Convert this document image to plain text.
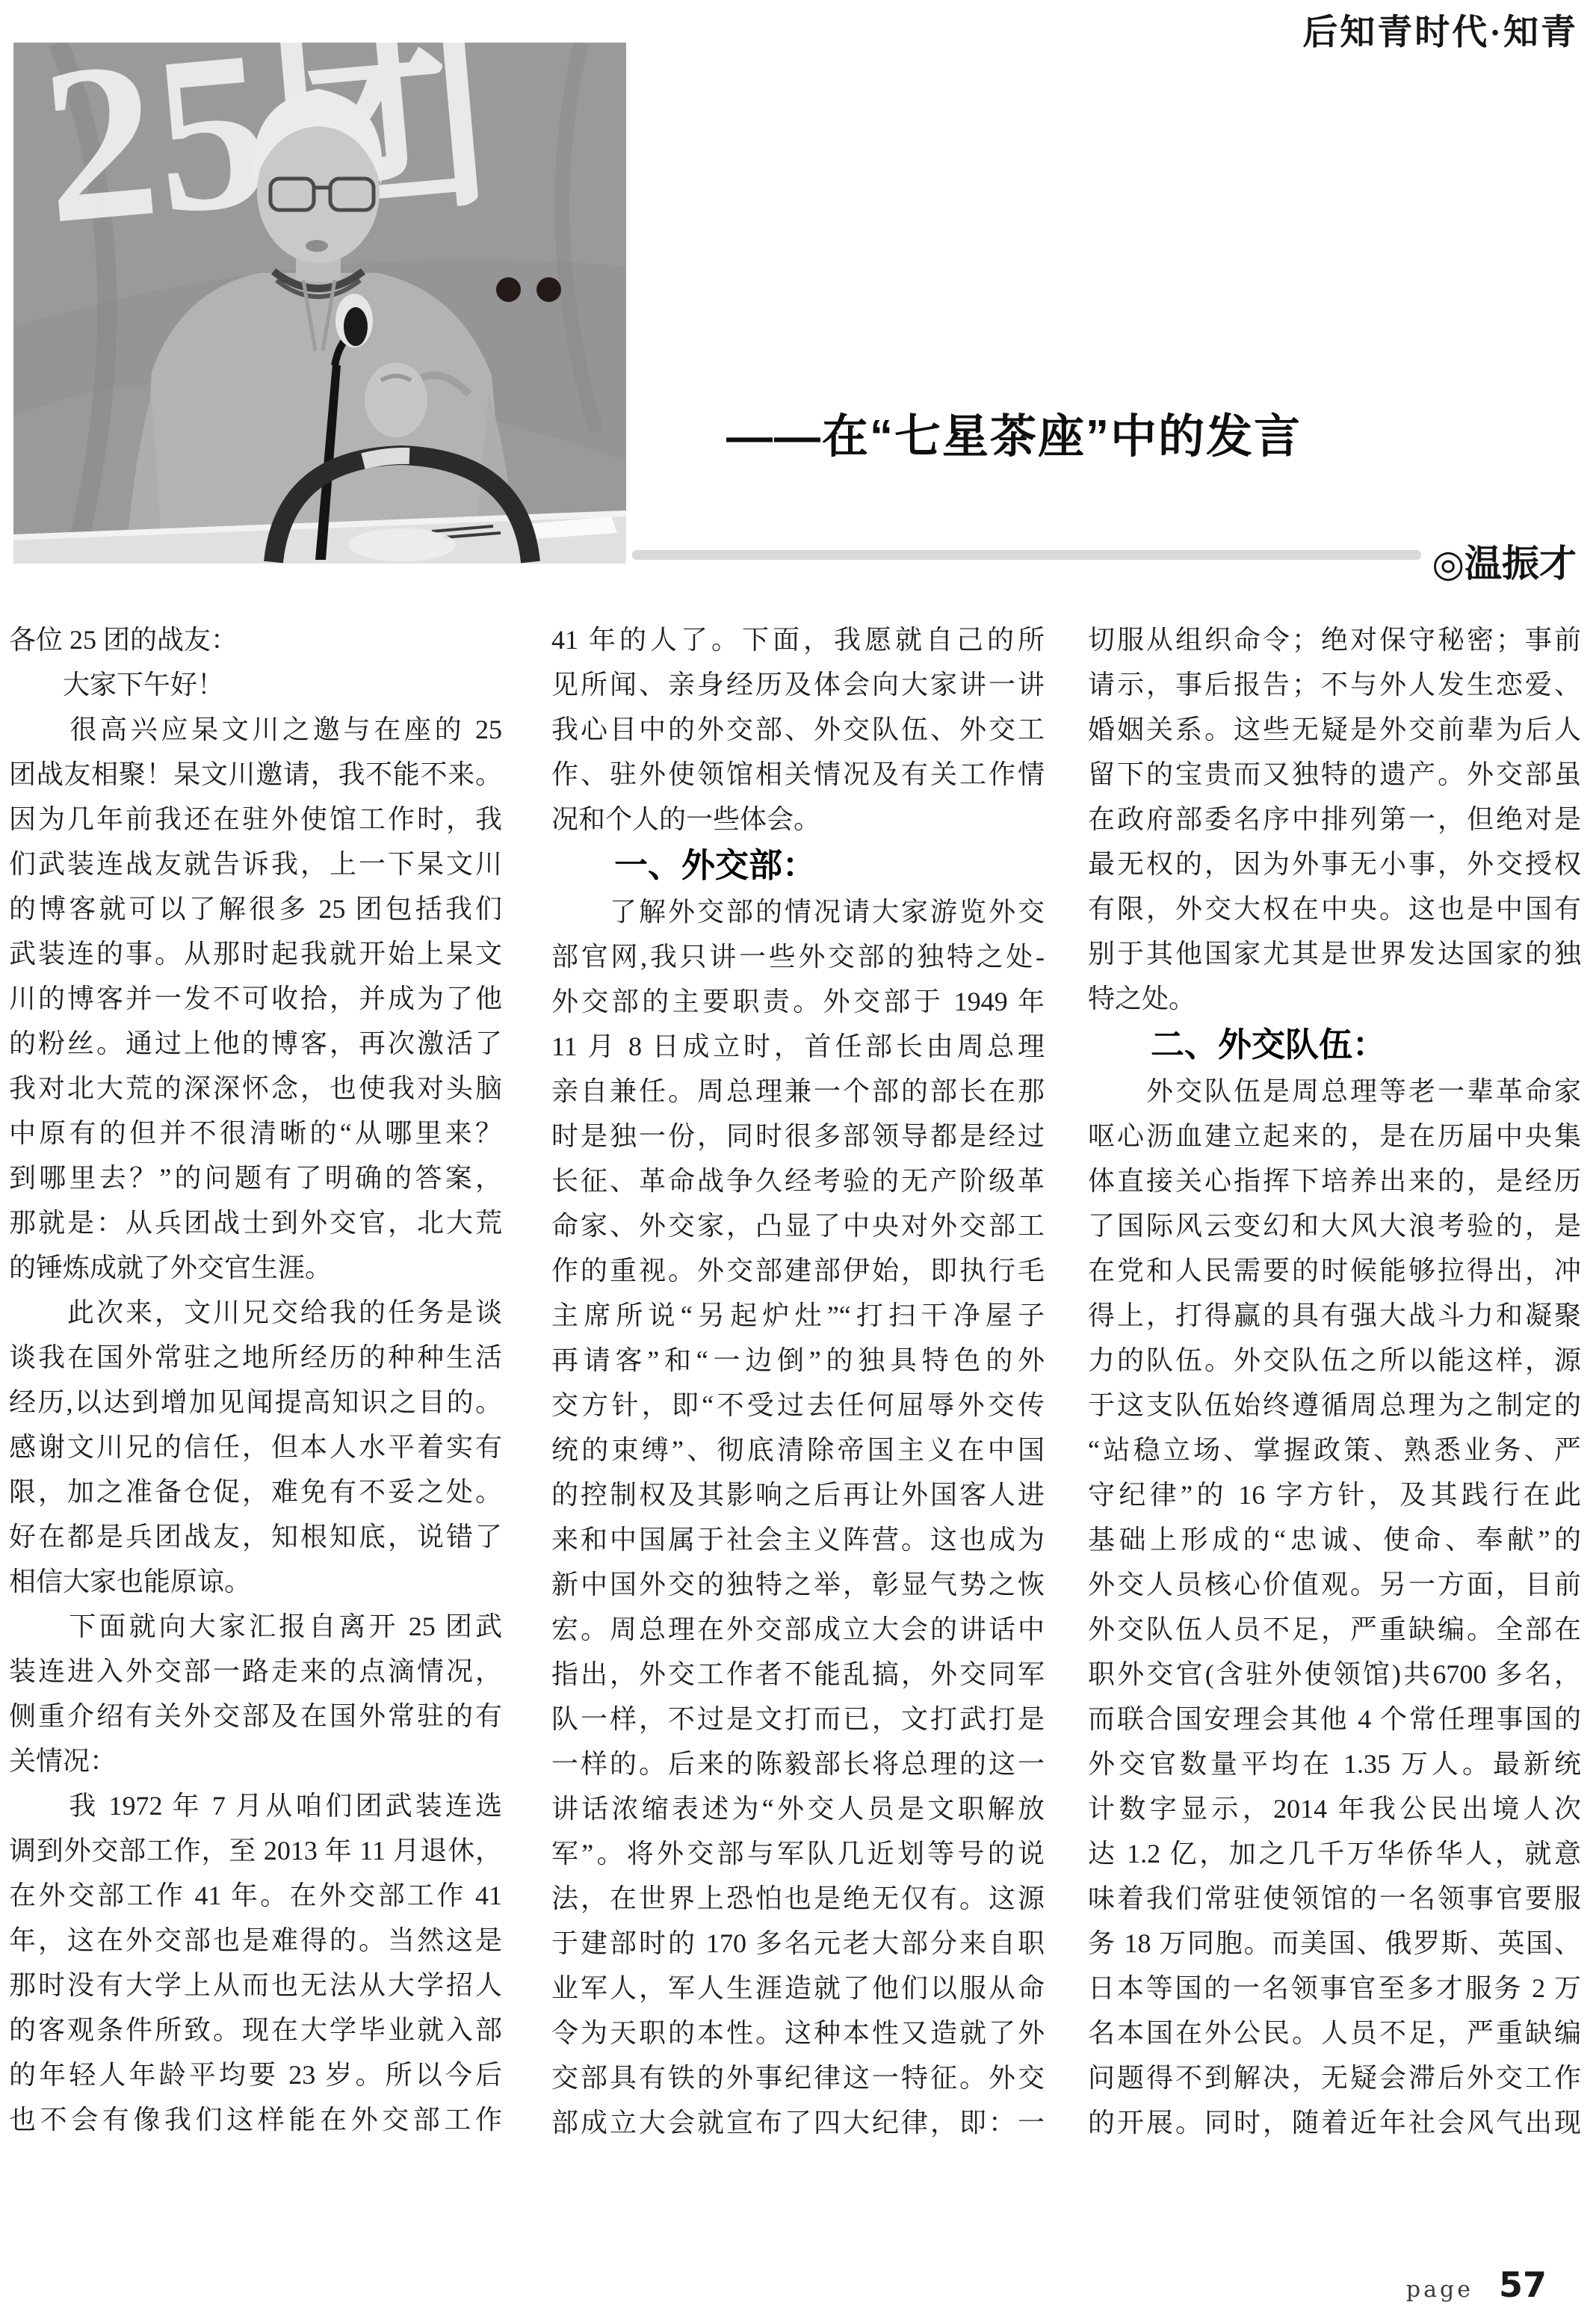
后知青时代·知青
——在“七星茶座”中的发言
◎温振才
各位 25 团的战友：
　　大家下午好！
　　很高兴应杲文川之邀与在座的 25
团战友相聚！杲文川邀请，我不能不来。
因为几年前我还在驻外使馆工作时，我
们武装连战友就告诉我，上一下杲文川
的博客就可以了解很多 25 团包括我们
武装连的事。从那时起我就开始上杲文
川的博客并一发不可收拾，并成为了他
的粉丝。通过上他的博客，再次激活了
我对北大荒的深深怀念，也使我对头脑
中原有的但并不很清晰的“从哪里来？
到哪里去？”的问题有了明确的答案，
那就是：从兵团战士到外交官，北大荒
的锤炼成就了外交官生涯。
　　此次来，文川兄交给我的任务是谈
谈我在国外常驻之地所经历的种种生活
经历,以达到增加见闻提高知识之目的。
感谢文川兄的信任，但本人水平着实有
限，加之准备仓促，难免有不妥之处。
好在都是兵团战友，知根知底，说错了
相信大家也能原谅。
　　下面就向大家汇报自离开 25 团武
装连进入外交部一路走来的点滴情况，
侧重介绍有关外交部及在国外常驻的有
关情况：
　　我 1972 年 7 月从咱们团武装连选
调到外交部工作，至 2013 年 11 月退休，
在外交部工作 41 年。在外交部工作 41
年，这在外交部也是难得的。当然这是
那时没有大学上从而也无法从大学招人
的客观条件所致。现在大学毕业就入部
的年轻人年龄平均要 23 岁。所以今后
也不会有像我们这样能在外交部工作
41 年的人了。下面，我愿就自己的所
见所闻、亲身经历及体会向大家讲一讲
我心目中的外交部、外交队伍、外交工
作、驻外使领馆相关情况及有关工作情
况和个人的一些体会。
一、外交部：
　　了解外交部的情况请大家游览外交
部官网,我只讲一些外交部的独特之处-
外交部的主要职责。外交部于 1949 年
11 月 8 日成立时，首任部长由周总理
亲自兼任。周总理兼一个部的部长在那
时是独一份，同时很多部领导都是经过
长征、革命战争久经考验的无产阶级革
命家、外交家，凸显了中央对外交部工
作的重视。外交部建部伊始，即执行毛
主席所说“另起炉灶”“打扫干净屋子
再请客”和“一边倒”的独具特色的外
交方针，即“不受过去任何屈辱外交传
统的束缚”、彻底清除帝国主义在中国
的控制权及其影响之后再让外国客人进
来和中国属于社会主义阵营。这也成为
新中国外交的独特之举，彰显气势之恢
宏。周总理在外交部成立大会的讲话中
指出，外交工作者不能乱搞，外交同军
队一样，不过是文打而已，文打武打是
一样的。后来的陈毅部长将总理的这一
讲话浓缩表述为“外交人员是文职解放
军”。将外交部与军队几近划等号的说
法，在世界上恐怕也是绝无仅有。这源
于建部时的 170 多名元老大部分来自职
业军人，军人生涯造就了他们以服从命
令为天职的本性。这种本性又造就了外
交部具有铁的外事纪律这一特征。外交
部成立大会就宣布了四大纪律，即：一
切服从组织命令；绝对保守秘密；事前
请示，事后报告；不与外人发生恋爱、
婚姻关系。这些无疑是外交前辈为后人
留下的宝贵而又独特的遗产。外交部虽
在政府部委名序中排列第一，但绝对是
最无权的，因为外事无小事，外交授权
有限，外交大权在中央。这也是中国有
别于其他国家尤其是世界发达国家的独
特之处。
二、外交队伍：
　　外交队伍是周总理等老一辈革命家
呕心沥血建立起来的，是在历届中央集
体直接关心指挥下培养出来的，是经历
了国际风云变幻和大风大浪考验的，是
在党和人民需要的时候能够拉得出，冲
得上，打得赢的具有强大战斗力和凝聚
力的队伍。外交队伍之所以能这样，源
于这支队伍始终遵循周总理为之制定的
“站稳立场、掌握政策、熟悉业务、严
守纪律”的 16 字方针，及其践行在此
基础上形成的“忠诚、使命、奉献”的
外交人员核心价值观。另一方面，目前
外交队伍人员不足，严重缺编。全部在
职外交官(含驻外使领馆)共6700 多名，
而联合国安理会其他 4 个常任理事国的
外交官数量平均在 1.35 万人。最新统
计数字显示，2014 年我公民出境人次
达 1.2 亿，加之几千万华侨华人，就意
味着我们常驻使领馆的一名领事官要服
务 18 万同胞。而美国、俄罗斯、英国、
日本等国的一名领事官至多才服务 2 万
名本国在外公民。人员不足，严重缺编
问题得不到解决，无疑会滞后外交工作
的开展。同时，随着近年社会风气出现
page 57
